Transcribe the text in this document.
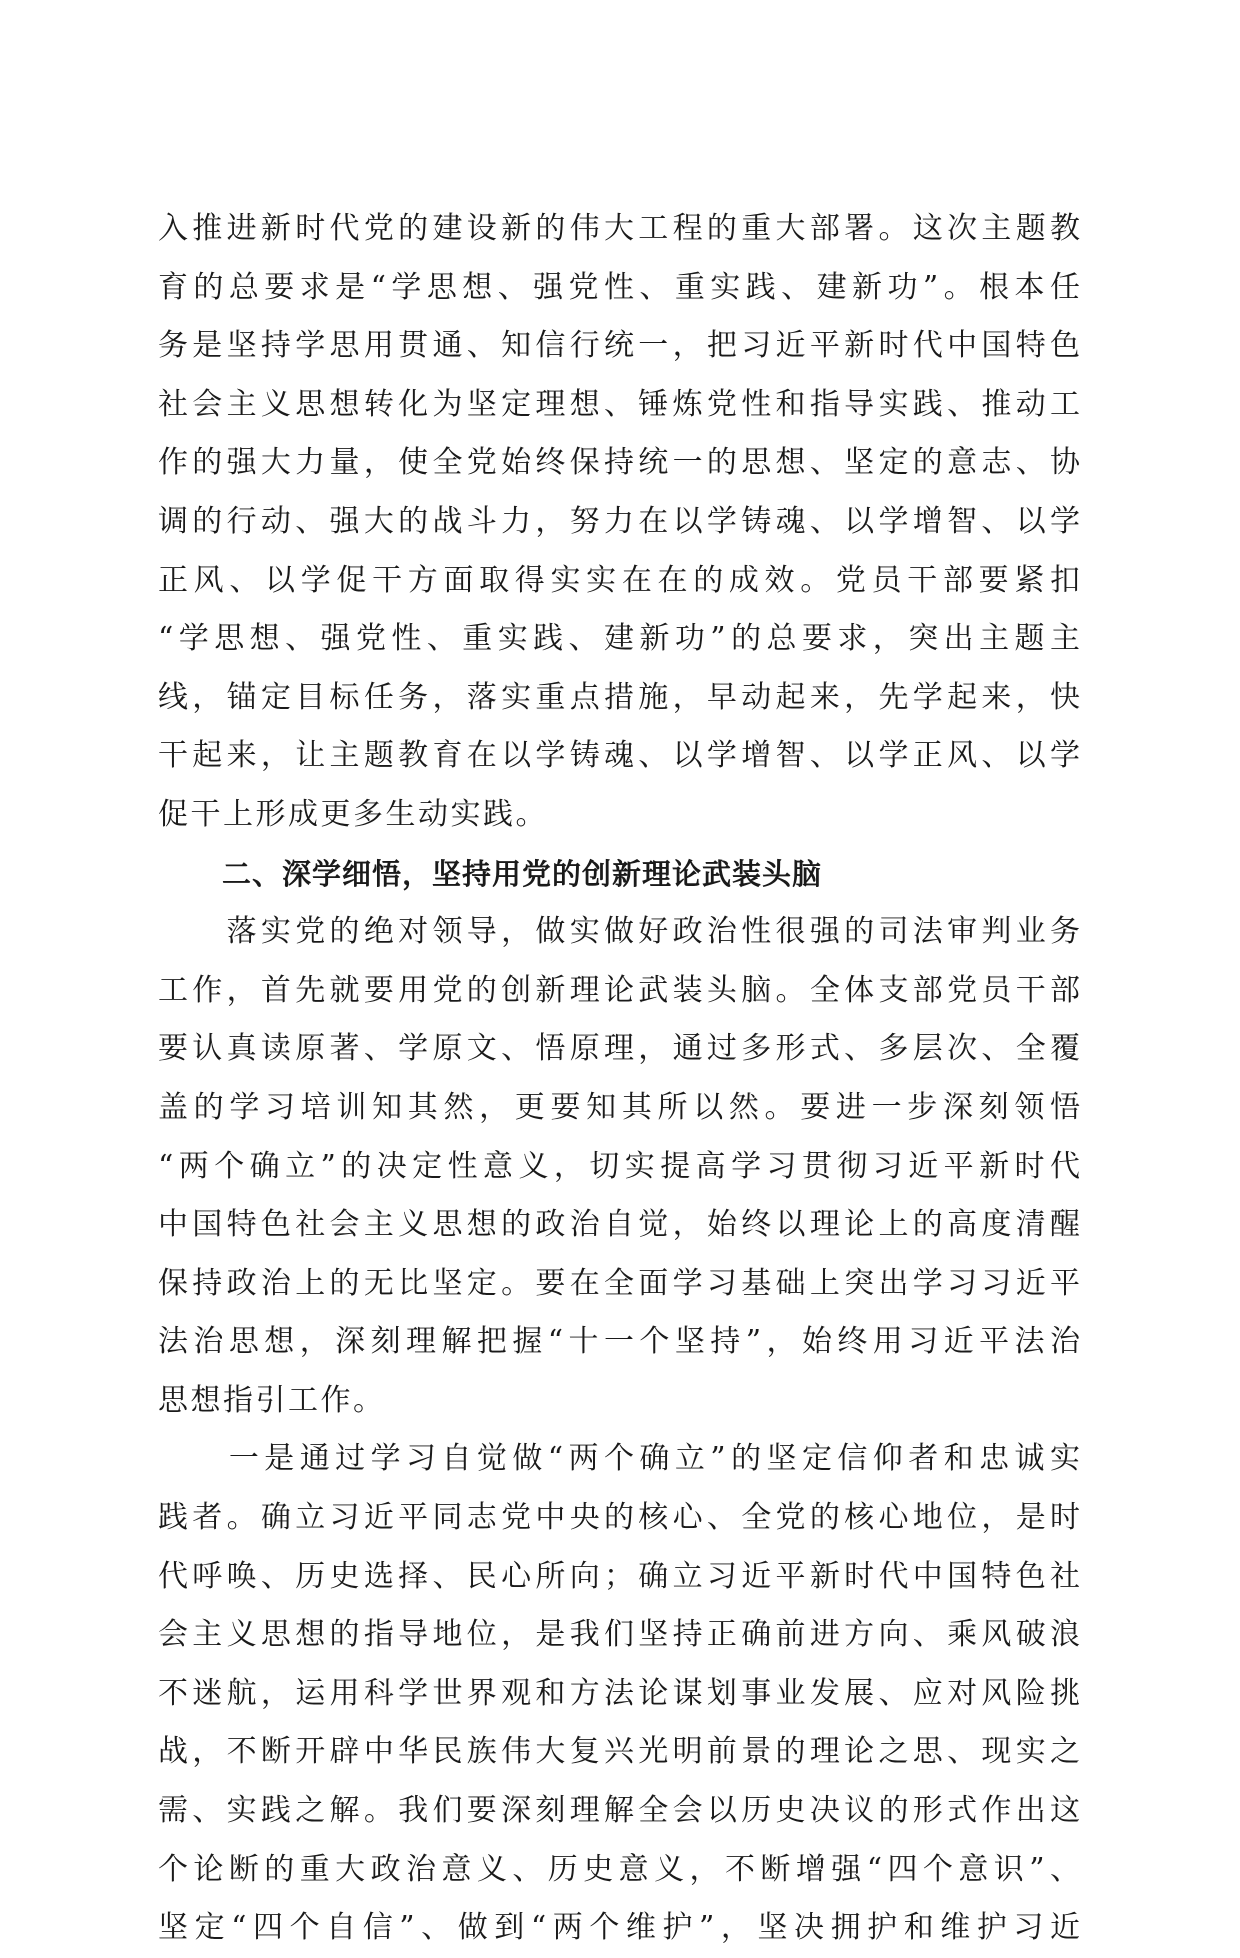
入推进新时代党的建设新的伟大工程的重大部署。这次主题教
育的总要求是“学思想、强党性、重实践、建新功”。根本任
务是坚持学思用贯通、知信行统一，把习近平新时代中国特色
社会主义思想转化为坚定理想、锤炼党性和指导实践、推动工
作的强大力量，使全党始终保持统一的思想、坚定的意志、协
调的行动、强大的战斗力，努力在以学铸魂、以学增智、以学
正风、以学促干方面取得实实在在的成效。党员干部要紧扣
“学思想、强党性、重实践、建新功”的总要求，突出主题主
线，锚定目标任务，落实重点措施，早动起来，先学起来，快
干起来，让主题教育在以学铸魂、以学增智、以学正风、以学
促干上形成更多生动实践。
二、深学细悟，坚持用党的创新理论武装头脑
　　落实党的绝对领导，做实做好政治性很强的司法审判业务
工作，首先就要用党的创新理论武装头脑。全体支部党员干部
要认真读原著、学原文、悟原理，通过多形式、多层次、全覆
盖的学习培训知其然，更要知其所以然。要进一步深刻领悟
“两个确立”的决定性意义，切实提高学习贯彻习近平新时代
中国特色社会主义思想的政治自觉，始终以理论上的高度清醒
保持政治上的无比坚定。要在全面学习基础上突出学习习近平
法治思想，深刻理解把握“十一个坚持”，始终用习近平法治
思想指引工作。
　　一是通过学习自觉做“两个确立”的坚定信仰者和忠诚实
践者。确立习近平同志党中央的核心、全党的核心地位，是时
代呼唤、历史选择、民心所向；确立习近平新时代中国特色社
会主义思想的指导地位，是我们坚持正确前进方向、乘风破浪
不迷航，运用科学世界观和方法论谋划事业发展、应对风险挑
战，不断开辟中华民族伟大复兴光明前景的理论之思、现实之
需、实践之解。我们要深刻理解全会以历史决议的形式作出这
个论断的重大政治意义、历史意义，不断增强“四个意识”、
坚定“四个自信”、做到“两个维护”，坚决拥护和维护习近
